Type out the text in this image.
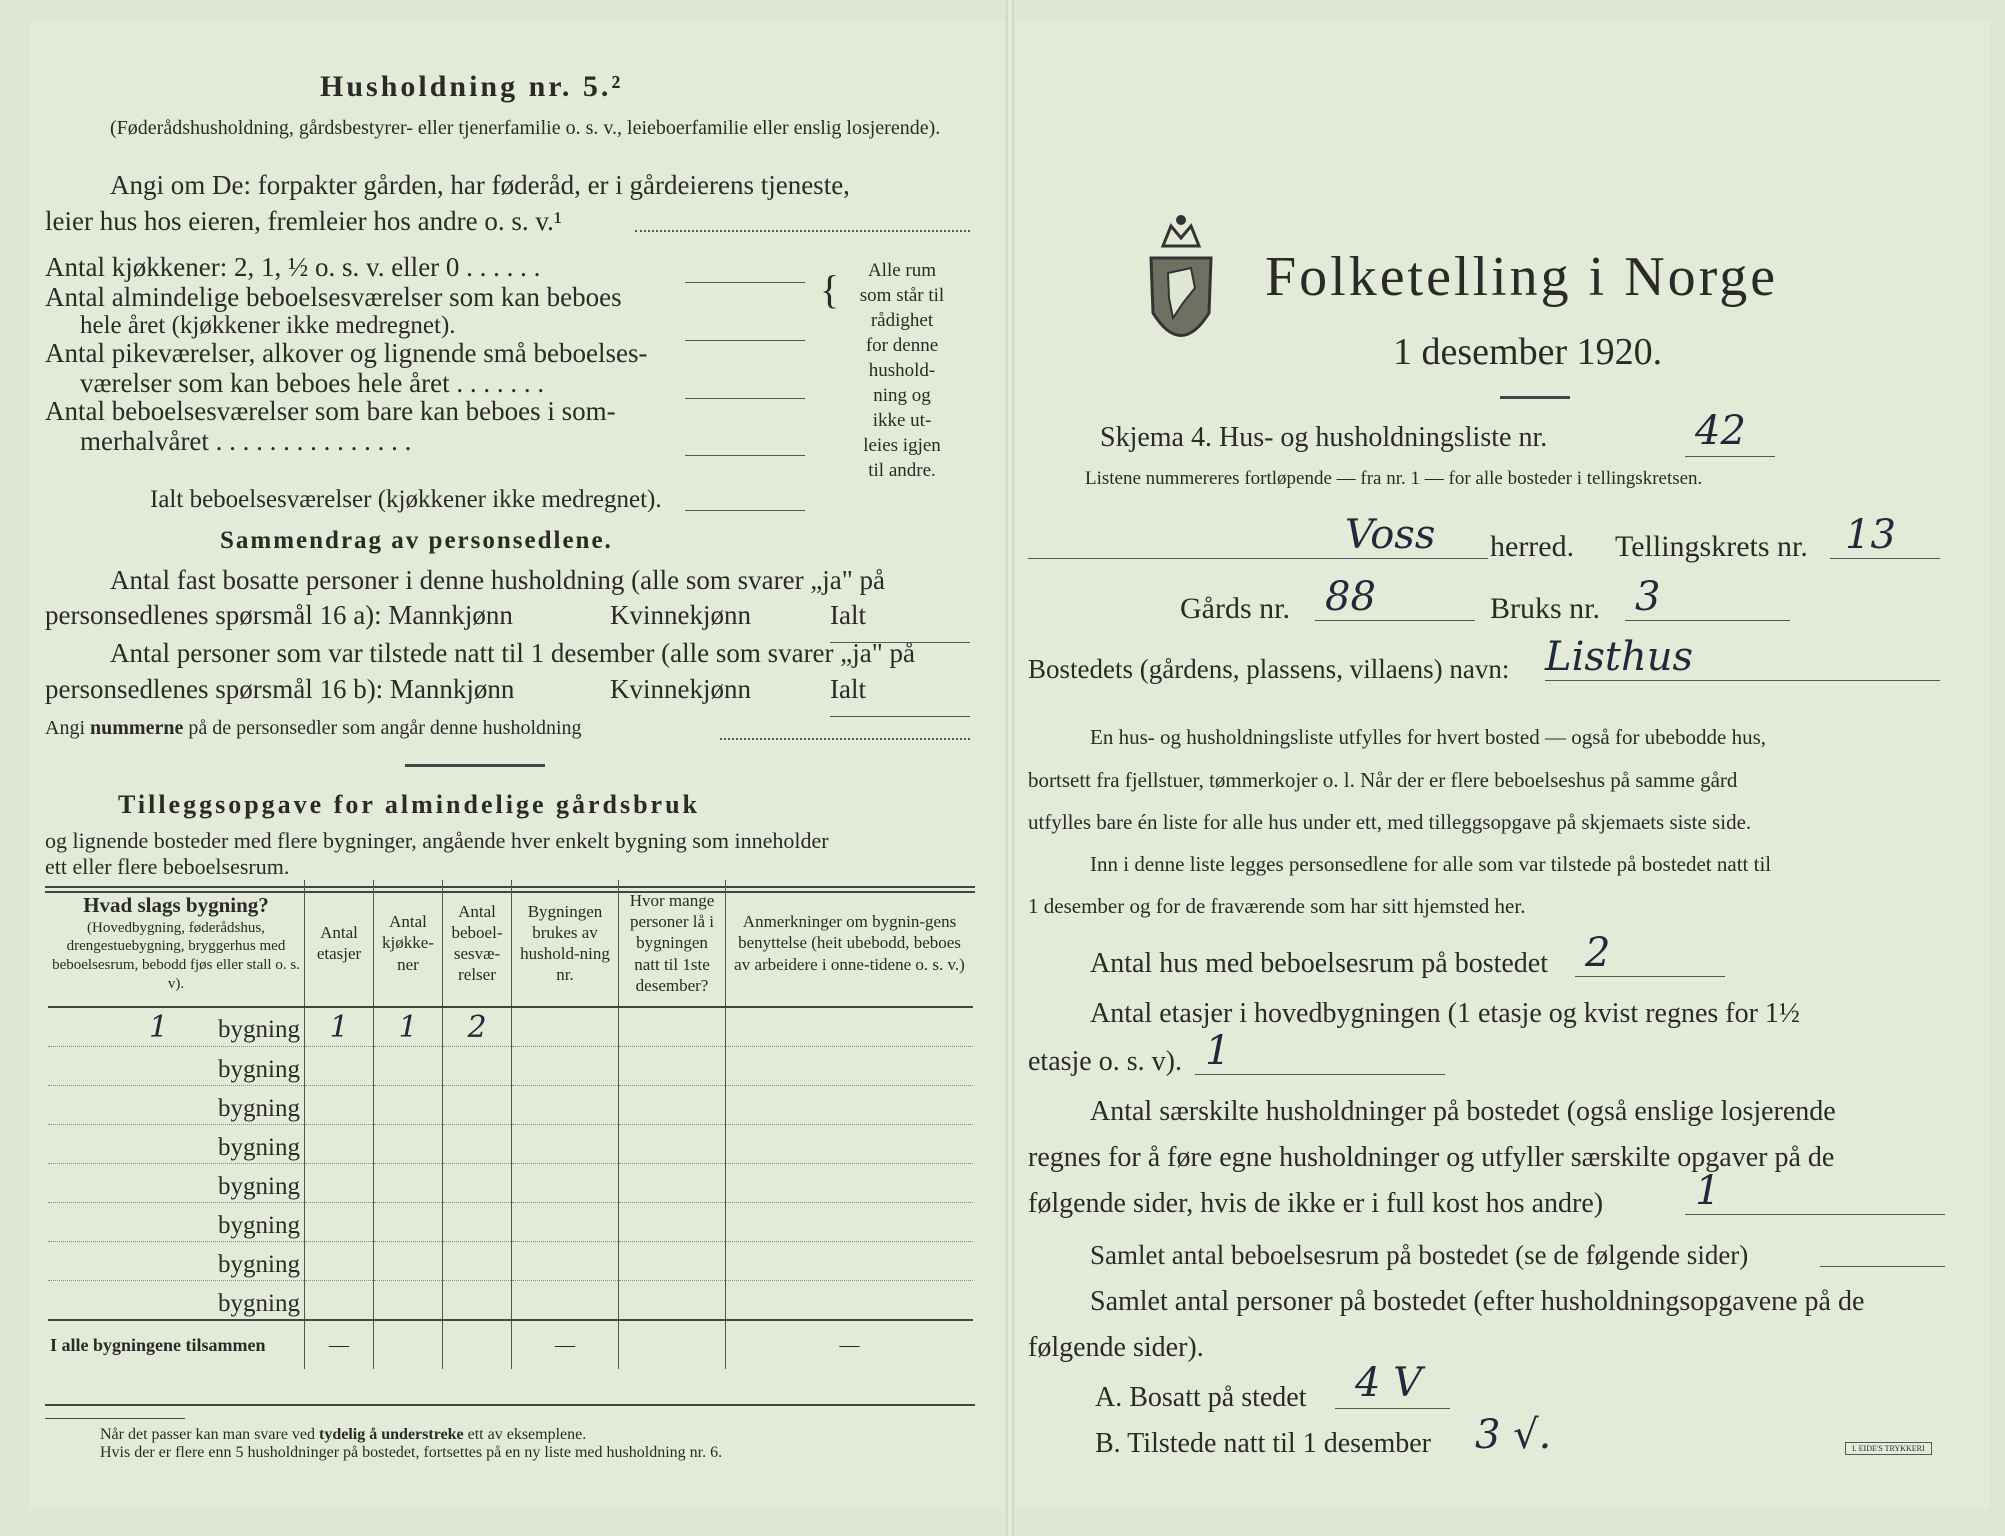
Husholdning nr. 5.²
(Føderådshusholdning, gårdsbestyrer- eller tjenerfamilie o. s. v., leieboerfamilie eller enslig losjerende).
Angi om De: forpakter gården, har føderåd, er i gårdeierens tjeneste,
leier hus hos eieren, fremleier hos andre o. s. v.¹
Antal kjøkkener: 2, 1, ½ o. s. v. eller 0 . . . . . .
Antal almindelige beboelsesværelser som kan beboes
hele året (kjøkkener ikke medregnet).
Antal pikeværelser, alkover og lignende små beboelses-
værelser som kan beboes hele året . . . . . . .
Antal beboelsesværelser som bare kan beboes i som-
merhalvåret . . . . . . . . . . . . . . .
Ialt beboelsesværelser (kjøkkener ikke medregnet).
{	Alle rum
som står til
rådighet
for denne
hushold-
ning og
ikke ut-
leies igjen
til andre.
Sammendrag av personsedlene.
Antal fast bosatte personer i denne husholdning (alle som svarer „ja" på
personsedlenes spørsmål 16 a): Mannkjønn	Kvinnekjønn	Ialt
Antal personer som var tilstede natt til 1 desember (alle som svarer „ja" på
personsedlenes spørsmål 16 b): Mannkjønn	Kvinnekjønn	Ialt
Angi nummerne på de personsedler som angår denne husholdning
Tilleggsopgave for almindelige gårdsbruk
og lignende bosteder med flere bygninger, angående hver enkelt bygning som inneholder
ett eller flere beboelsesrum.
Hvad slags bygning?
(Hovedbygning, føderådshus, drengestuebygning, bryggerhus med beboelsesrum, bebodd fjøs eller stall o. s. v).	Antal etasjer	Antal kjøkke-ner	Antal beboel-sesvæ-relser	Bygningen brukes av hushold-ning nr.	Hvor mange personer lå i bygningen natt til 1ste desember?	Anmerkninger om bygnin-gens benyttelse (heit ubebodd, beboes av arbeidere i onne-tidene o. s. v.)
1 bygning	1	1	2			
bygning						
bygning						
bygning						
bygning						
bygning						
bygning						
bygning						
I alle bygningene tilsammen	—			—		—
Når det passer kan man svare ved tydelig å understreke ett av eksemplene.
Hvis der er flere enn 5 husholdninger på bostedet, fortsettes på en ny liste med husholdning nr. 6.
Folketelling i Norge
1 desember 1920.
Skjema 4. Hus- og husholdningsliste nr.	42
Listene nummereres fortløpende — fra nr. 1 — for alle bosteder i tellingskretsen.
Voss herred. Tellingskrets nr. 13
Gårds nr. 88	Bruks nr. 3
Bostedets (gårdens, plassens, villaens) navn: Listhus
En hus- og husholdningsliste utfylles for hvert bosted — også for ubebodde hus,
bortsett fra fjellstuer, tømmerkojer o. l. Når der er flere beboelseshus på samme gård
utfylles bare én liste for alle hus under ett, med tilleggsopgave på skjemaets siste side.
Inn i denne liste legges personsedlene for alle som var tilstede på bostedet natt til
1 desember og for de fraværende som har sitt hjemsted her.
Antal hus med beboelsesrum på bostedet 2
Antal etasjer i hovedbygningen (1 etasje og kvist regnes for 1½
etasje o. s. v). 1
Antal særskilte husholdninger på bostedet (også enslige losjerende
regnes for å føre egne husholdninger og utfyller særskilte opgaver på de
følgende sider, hvis de ikke er i full kost hos andre) 1
Samlet antal beboelsesrum på bostedet (se de følgende sider)
Samlet antal personer på bostedet (efter husholdningsopgavene på de
følgende sider).
A. Bosatt på stedet 4 V
B. Tilstede natt til 1 desember 3 √.	I. EIDE'S TRYKKERI
